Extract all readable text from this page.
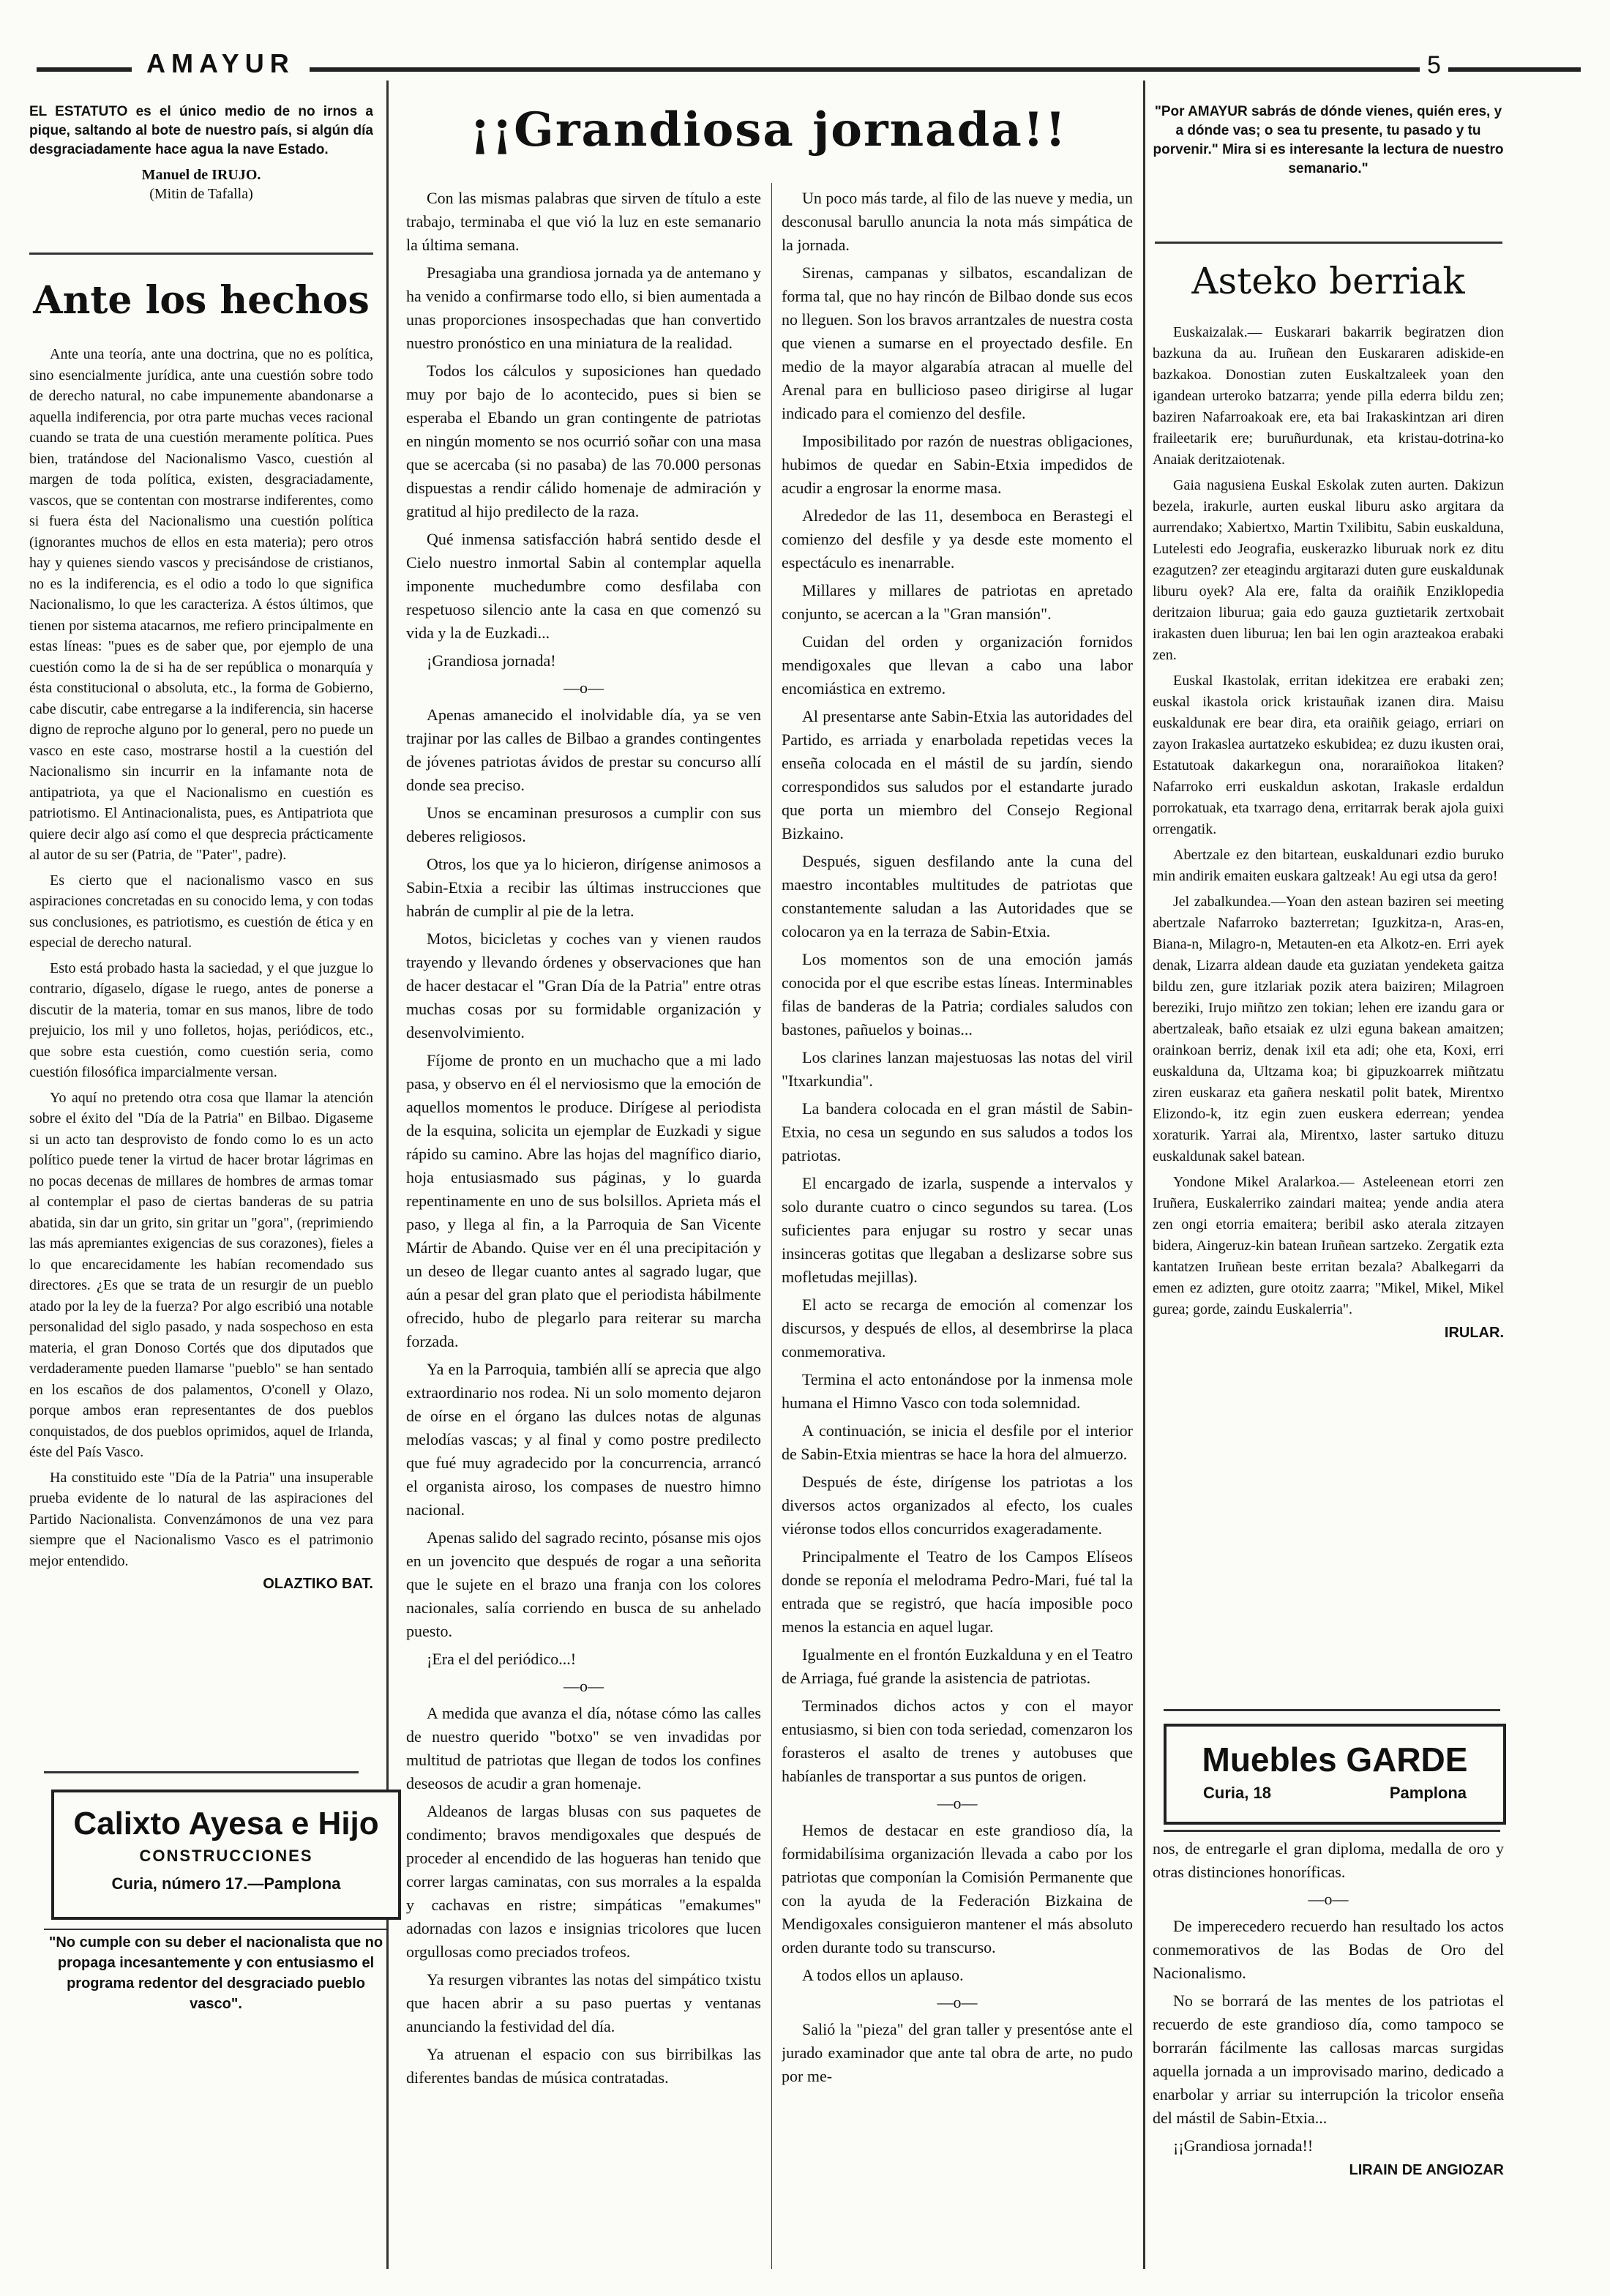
AMAYUR	5

EL ESTATUTO es el único medio de no irnos a pique, saltando al bote de nuestro país, si algún día desgraciadamente hace agua la nave Estado.

Manuel de IRUJO.
(Mitin de Tafalla)
Ante los hechos

Ante una teoría, ante una doctrina, que no es política, sino esencialmente jurídica, ante una cuestión sobre todo de derecho natural, no cabe impunemente abandonarse a aquella indiferencia, por otra parte muchas veces racional cuando se trata de una cuestión meramente política. Pues bien, tratándose del Nacionalismo Vasco, cuestión al margen de toda política, existen, desgraciadamente, vascos, que se contentan con mostrarse indiferentes, como si fuera ésta del Nacionalismo una cuestión política (ignorantes muchos de ellos en esta materia); pero otros hay y quienes siendo vascos y precisándose de cristianos, no es la indiferencia, es el odio a todo lo que significa Nacionalismo, lo que les caracteriza. A éstos últimos, que tienen por sistema atacarnos, me refiero principalmente en estas líneas: "pues es de saber que, por ejemplo de una cuestión como la de si ha de ser república o monarquía y ésta constitucional o absoluta, etc., la forma de Gobierno, cabe discutir, cabe entregarse a la indiferencia, sin hacerse digno de reproche alguno por lo general, pero no puede un vasco en este caso, mostrarse hostil a la cuestión del Nacionalismo sin incurrir en la infamante nota de antipatriota, ya que el Nacionalismo en cuestión es patriotismo. El Antinacionalista, pues, es Antipatriota que quiere decir algo así como el que desprecia prácticamente al autor de su ser (Patria, de "Pater", padre).

Es cierto que el nacionalismo vasco en sus aspiraciones concretadas en su conocido lema, y con todas sus conclusiones, es patriotismo, es cuestión de ética y en especial de derecho natural.

Esto está probado hasta la saciedad, y el que juzgue lo contrario, dígaselo, dígase le ruego, antes de ponerse a discutir de la materia, tomar en sus manos, libre de todo prejuicio, los mil y uno folletos, hojas, periódicos, etc., que sobre esta cuestión, como cuestión seria, como cuestión filosófica imparcialmente versan.

Yo aquí no pretendo otra cosa que llamar la atención sobre el éxito del "Día de la Patria" en Bilbao. Digaseme si un acto tan desprovisto de fondo como lo es un acto político puede tener la virtud de hacer brotar lágrimas en no pocas decenas de millares de hombres de armas tomar al contemplar el paso de ciertas banderas de su patria abatida, sin dar un grito, sin gritar un "gora", (reprimiendo las más apremiantes exigencias de sus corazones), fieles a lo que encarecidamente les habían recomendado sus directores. ¿Es que se trata de un resurgir de un pueblo atado por la ley de la fuerza? Por algo escribió una notable personalidad del siglo pasado, y nada sospechoso en esta materia, el gran Donoso Cortés que dos diputados que verdaderamente pueden llamarse "pueblo" se han sentado en los escaños de dos palamentos, O'conell y Olazo, porque ambos eran representantes de dos pueblos conquistados, de dos pueblos oprimidos, aquel de Irlanda, éste del País Vasco.

Ha constituido este "Día de la Patria" una insuperable prueba evidente de lo natural de las aspiraciones del Partido Nacionalista. Convenzámonos de una vez para siempre que el Nacionalismo Vasco es el patrimonio mejor entendido.

OLAZTIKO BAT.
Calixto Ayesa e Hijo
CONSTRUCCIONES
Curia, número 17.—Pamplona

"No cumple con su deber el nacionalista que no propaga incesantemente y con entusiasmo el programa redentor del desgraciado pueblo vasco".

¡¡Grandiosa jornada!!

Con las mismas palabras que sirven de título a este trabajo, terminaba el que vió la luz en este semanario la última semana.

Presagiaba una grandiosa jornada ya de antemano y ha venido a confirmarse todo ello, si bien aumentada a unas proporciones insospechadas que han convertido nuestro pronóstico en una miniatura de la realidad.

Todos los cálculos y suposiciones han quedado muy por bajo de lo acontecido, pues si bien se esperaba el Ebando un gran contingente de patriotas en ningún momento se nos ocurrió soñar con una masa que se acercaba (si no pasaba) de las 70.000 personas dispuestas a rendir cálido homenaje de admiración y gratitud al hijo predilecto de la raza.

Qué inmensa satisfacción habrá sentido desde el Cielo nuestro inmortal Sabin al contemplar aquella imponente muchedumbre como desfilaba con respetuoso silencio ante la casa en que comenzó su vida y la de Euzkadi...

¡Grandiosa jornada!

—o—

Apenas amanecido el inolvidable día, ya se ven trajinar por las calles de Bilbao a grandes contingentes de jóvenes patriotas ávidos de prestar su concurso allí donde sea preciso.

Unos se encaminan presurosos a cumplir con sus deberes religiosos.

Otros, los que ya lo hicieron, dirígense animosos a Sabin-Etxia a recibir las últimas instrucciones que habrán de cumplir al pie de la letra.

Motos, bicicletas y coches van y vienen raudos trayendo y llevando órdenes y observaciones que han de hacer destacar el "Gran Día de la Patria" entre otras muchas cosas por su formidable organización y desenvolvimiento.

Fíjome de pronto en un muchacho que a mi lado pasa, y observo en él el nerviosismo que la emoción de aquellos momentos le produce. Dirígese al periodista de la esquina, solicita un ejemplar de Euzkadi y sigue rápido su camino. Abre las hojas del magnífico diario, hoja entusiasmado sus páginas, y lo guarda repentinamente en uno de sus bolsillos. Aprieta más el paso, y llega al fin, a la Parroquia de San Vicente Mártir de Abando. Quise ver en él una precipitación y un deseo de llegar cuanto antes al sagrado lugar, que aún a pesar del gran plato que el periodista hábilmente ofrecido, hubo de plegarlo para reiterar su marcha forzada.

Ya en la Parroquia, también allí se aprecia que algo extraordinario nos rodea. Ni un solo momento dejaron de oírse en el órgano las dulces notas de algunas melodías vascas; y al final y como postre predilecto que fué muy agradecido por la concurrencia, arrancó el organista airoso, los compases de nuestro himno nacional.

Apenas salido del sagrado recinto, pósanse mis ojos en un jovencito que después de rogar a una señorita que le sujete en el brazo una franja con los colores nacionales, salía corriendo en busca de su anhelado puesto.

¡Era el del periódico...!

—o—

A medida que avanza el día, nótase cómo las calles de nuestro querido "botxo" se ven invadidas por multitud de patriotas que llegan de todos los confines deseosos de acudir a gran homenaje.

Aldeanos de largas blusas con sus paquetes de condimento; bravos mendigoxales que después de proceder al encendido de las hogueras han tenido que correr largas caminatas, con sus morrales a la espalda y cachavas en ristre; simpáticas "emakumes" adornadas con lazos e insignias tricolores que lucen orgullosas como preciados trofeos.

Ya resurgen vibrantes las notas del simpático txistu que hacen abrir a su paso puertas y ventanas anunciando la festividad del día.

Ya atruenan el espacio con sus birribilkas las diferentes bandas de música contratadas.

Un poco más tarde, al filo de las nueve y media, un desconusal barullo anuncia la nota más simpática de la jornada.

Sirenas, campanas y silbatos, escandalizan de forma tal, que no hay rincón de Bilbao donde sus ecos no lleguen. Son los bravos arrantzales de nuestra costa que vienen a sumarse en el proyectado desfile. En medio de la mayor algarabía atracan al muelle del Arenal para en bullicioso paseo dirigirse al lugar indicado para el comienzo del desfile.

Imposibilitado por razón de nuestras obligaciones, hubimos de quedar en Sabin-Etxia impedidos de acudir a engrosar la enorme masa.

Alrededor de las 11, desemboca en Berastegi el comienzo del desfile y ya desde este momento el espectáculo es inenarrable.

Millares y millares de patriotas en apretado conjunto, se acercan a la "Gran mansión".

Cuidan del orden y organización fornidos mendigoxales que llevan a cabo una labor encomiástica en extremo.

Al presentarse ante Sabin-Etxia las autoridades del Partido, es arriada y enarbolada repetidas veces la enseña colocada en el mástil de su jardín, siendo correspondidos sus saludos por el estandarte jurado que porta un miembro del Consejo Regional Bizkaino.

Después, siguen desfilando ante la cuna del maestro incontables multitudes de patriotas que constantemente saludan a las Autoridades que se colocaron ya en la terraza de Sabin-Etxia.

Los momentos son de una emoción jamás conocida por el que escribe estas líneas. Interminables filas de banderas de la Patria; cordiales saludos con bastones, pañuelos y boinas...

Los clarines lanzan majestuosas las notas del viril "Itxarkundia".

La bandera colocada en el gran mástil de Sabin-Etxia, no cesa un segundo en sus saludos a todos los patriotas.

El encargado de izarla, suspende a intervalos y solo durante cuatro o cinco segundos su tarea. (Los suficientes para enjugar su rostro y secar unas insinceras gotitas que llegaban a deslizarse sobre sus mofletudas mejillas).

El acto se recarga de emoción al comenzar los discursos, y después de ellos, al desembrirse la placa conmemorativa.

Termina el acto entonándose por la inmensa mole humana el Himno Vasco con toda solemnidad.

A continuación, se inicia el desfile por el interior de Sabin-Etxia mientras se hace la hora del almuerzo.

Después de éste, dirígense los patriotas a los diversos actos organizados al efecto, los cuales viéronse todos ellos concurridos exageradamente.

Principalmente el Teatro de los Campos Elíseos donde se reponía el melodrama Pedro-Mari, fué tal la entrada que se registró, que hacía imposible poco menos la estancia en aquel lugar.

Igualmente en el frontón Euzkalduna y en el Teatro de Arriaga, fué grande la asistencia de patriotas.

Terminados dichos actos y con el mayor entusiasmo, si bien con toda seriedad, comenzaron los forasteros el asalto de trenes y autobuses que habíanles de transportar a sus puntos de origen.

—o—

Hemos de destacar en este grandioso día, la formidabilísima organización llevada a cabo por los patriotas que componían la Comisión Permanente que con la ayuda de la Federación Bizkaina de Mendigoxales consiguieron mantener el más absoluto orden durante todo su transcurso.

A todos ellos un aplauso.

—o—

Salió la "pieza" del gran taller y presentóse ante el jurado examinador que ante tal obra de arte, no pudo por me-

"Por AMAYUR sabrás de dónde vienes, quién eres, y a dónde vas; o sea tu presente, tu pasado y tu porvenir." Mira si es interesante la lectura de nuestro semanario."

Asteko berriak

Euskaizalak.— Euskarari bakarrik begiratzen dion bazkuna da au. Iruñean den Euskararen adiskide-en bazkakoa. Donostian zuten Euskaltzaleek yoan den igandean urteroko batzarra; yende pilla ederra bildu zen; baziren Nafarroakoak ere, eta bai Irakaskintzan ari diren fraileetarik ere; buruñurdunak, eta kristau-dotrina-ko Anaiak deritzaiotenak.

Gaia nagusiena Euskal Eskolak zuten aurten. Dakizun bezela, irakurle, aurten euskal liburu asko argitara da aurrendako; Xabiertxo, Martin Txilibitu, Sabin euskalduna, Lutelesti edo Jeografia, euskerazko liburuak nork ez ditu ezagutzen? zer eteagindu argitarazi duten gure euskaldunak liburu oyek? Ala ere, falta da oraiñik Enziklopedia deritzaion liburua; gaia edo gauza guztietarik zertxobait irakasten duen liburua; len bai len ogin arazteakoa erabaki zen.

Euskal Ikastolak, erritan idekitzea ere erabaki zen; euskal ikastola orick kristauñak izanen dira. Maisu euskaldunak ere bear dira, eta oraiñik geiago, erriari on zayon Irakaslea aurtatzeko eskubidea; ez duzu ikusten orai, Estatutoak dakarkegun ona, noraraiñokoa litaken? Nafarroko erri euskaldun askotan, Irakasle erdaldun porrokatuak, eta txarrago dena, erritarrak berak ajola guixi orrengatik.

Abertzale ez den bitartean, euskaldunari ezdio buruko min andirik emaiten euskara galtzeak! Au egi utsa da gero!

Jel zabalkundea.—Yoan den astean baziren sei meeting abertzale Nafarroko bazterretan; Iguzkitza-n, Aras-en, Biana-n, Milagro-n, Metauten-en eta Alkotz-en. Erri ayek denak, Lizarra aldean daude eta guziatan yendeketa gaitza bildu zen, gure itzlariak pozik atera baiziren; Milagroen bereziki, Irujo miñtzo zen tokian; lehen ere izandu gara or abertzaleak, baño etsaiak ez ulzi eguna bakean amaitzen; orainkoan berriz, denak ixil eta adi; ohe eta, Koxi, erri euskalduna da, Ultzama koa; bi gipuzkoarrek miñtzatu ziren euskaraz eta gañera neskatil polit batek, Mirentxo Elizondo-k, itz egin zuen euskera ederrean; yendea xoraturik. Yarrai ala, Mirentxo, laster sartuko dituzu euskaldunak sakel batean.

Yondone Mikel Aralarkoa.— Asteleenean etorri zen Iruñera, Euskalerriko zaindari maitea; yende andia atera zen ongi etorria emaitera; beribil asko aterala zitzayen bidera, Aingeruz-kin batean Iruñean sartzeko. Zergatik ezta kantatzen Iruñean beste erritan bezala? Abalkegarri da emen ez adizten, gure otoitz zaarra; "Mikel, Mikel, Mikel gurea; gorde, zaindu Euskalerria".

IRULAR.
Muebles GARDE
Curia, 18	Pamplona

nos, de entregarle el gran diploma, medalla de oro y otras distinciones honoríficas.

—o—

De imperecedero recuerdo han resultado los actos conmemorativos de las Bodas de Oro del Nacionalismo.

No se borrará de las mentes de los patriotas el recuerdo de este grandioso día, como tampoco se borrarán fácilmente las callosas marcas surgidas aquella jornada a un improvisado marino, dedicado a enarbolar y arriar su interrupción la tricolor enseña del mástil de Sabin-Etxia...

¡¡Grandiosa jornada!!

LIRAIN DE ANGIOZAR
